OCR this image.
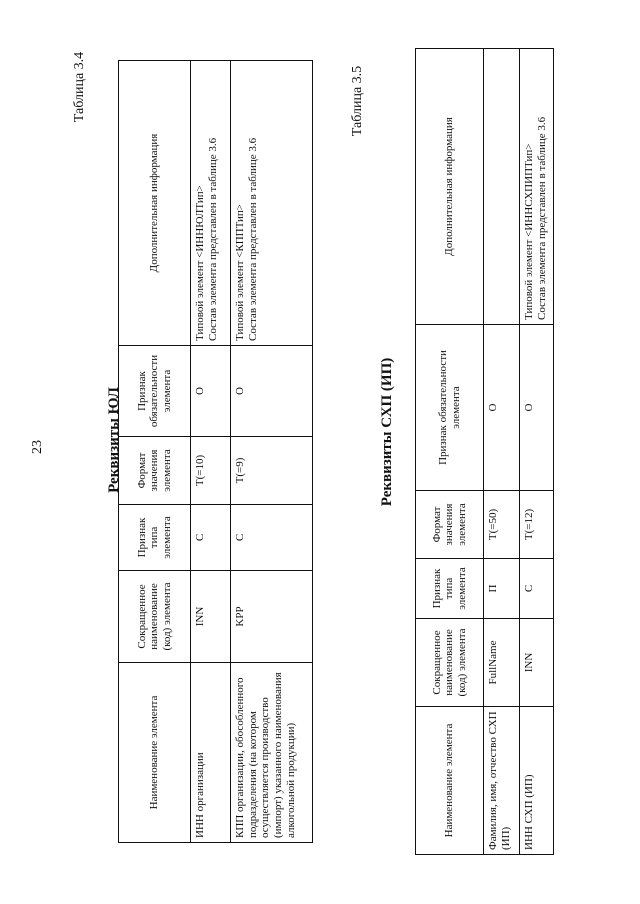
23	Реквизиты ЮЛ
Таблица 3.4
Наименование элемента	Сокращенное наименование (код) элемента	Признак типа элемента	Формат значения элемента	Признак обязательности элемента	Дополнительная информация
ИНН организации	INN	С	Т(=10)	О	Типовой элемент <ИННЮЛТип>
Состав элемента представлен в таблице 3.6
КПП организации, обособленного подразделения (на котором осуществляется производство (импорт) указанного наименования алкогольной продукции)	KPP	С	Т(=9)	О	Типовой элемент <КППТип>
Состав элемента представлен в таблице 3.6
Реквизиты СХП (ИП)
Таблица 3.5
Наименование элемента	Сокращенное наименование (код) элемента	Признак типа элемента	Формат значения элемента	Признак обязательности элемента	Дополнительная информация
Фамилия, имя, отчество СХП (ИП)	FullName	П	Т(=50)	О	
ИНН СХП (ИП)	INN	С	Т(=12)	О	Типовой элемент <ИННСХПИПТип>
Состав элемента представлен в таблице 3.6
